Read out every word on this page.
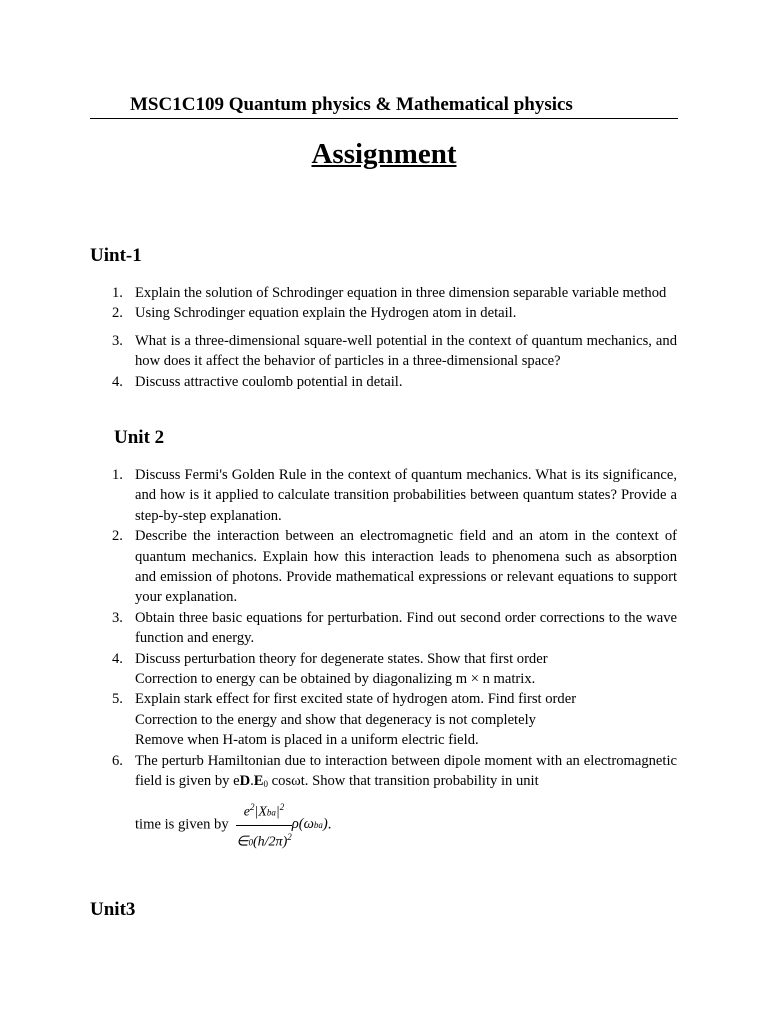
MSC1C109 Quantum physics & Mathematical physics
Assignment
Uint-1
1. Explain the solution of Schrodinger equation in three dimension separable variable method
2. Using Schrodinger equation explain the Hydrogen atom in detail.
3. What is a three-dimensional square-well potential in the context of quantum mechanics, and how does it affect the behavior of particles in a three-dimensional space?
4. Discuss attractive coulomb potential in detail.
Unit 2
1. Discuss Fermi's Golden Rule in the context of quantum mechanics. What is its significance, and how is it applied to calculate transition probabilities between quantum states? Provide a step-by-step explanation.
2. Describe the interaction between an electromagnetic field and an atom in the context of quantum mechanics. Explain how this interaction leads to phenomena such as absorption and emission of photons. Provide mathematical expressions or relevant equations to support your explanation.
3. Obtain three basic equations for perturbation. Find out second order corrections to the wave function and energy.
4. Discuss perturbation theory for degenerate states. Show that first order
Correction to energy can be obtained by diagonalizing m × n matrix.
5. Explain stark effect for first excited state of hydrogen atom. Find first order
Correction to the energy and show that degeneracy is not completely
Remove when H-atom is placed in a uniform electric field.
6. The perturb Hamiltonian due to interaction between dipole moment with an electromagnetic field is given by $eD.E_0$ cosωt. Show that transition probability in unit
time is given by $\frac{e^2|Xba|^2}{\in 0(h/2\pi)^2} \rho(\omega ba)$.
Unit3
